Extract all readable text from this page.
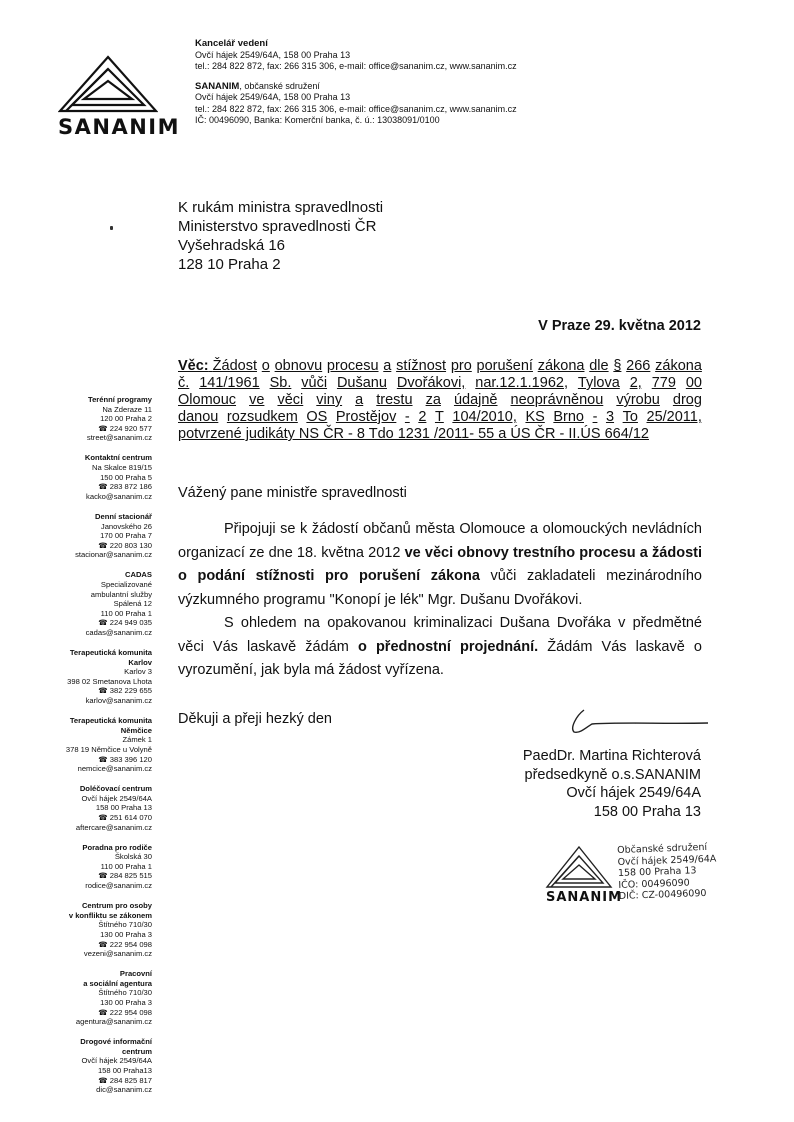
SANANIM
Kancelář vedení
Ovčí hájek 2549/64A, 158 00 Praha 13
tel.: 284 822 872, fax: 266 315 306, e-mail: office@sananim.cz, www.sananim.cz
SANANIM, občanské sdružení
Ovčí hájek 2549/64A, 158 00 Praha 13
tel.: 284 822 872, fax: 266 315 306, e-mail: office@sananim.cz, www.sananim.cz
IČ: 00496090, Banka: Komerční banka, č. ú.: 13038091/0100
K rukám ministra spravedlnosti
Ministerstvo spravedlnosti ČR
Vyšehradská 16
128 10 Praha 2
V Praze 29. května 2012
Věc: Žádost o obnovu procesu a stížnost pro porušení zákona dle § 266 zákona
č. 141/1961 Sb. vůči Dušanu Dvořákovi, nar.12.1.1962, Tylova 2, 779 00
Olomouc ve věci viny a trestu za údajně neoprávněnou výrobu drog
danou rozsudkem OS Prostějov - 2 T 104/2010, KS Brno - 3 To 25/2011,
potvrzené judikáty NS ČR - 8 Tdo 1231 /2011- 55 a ÚS ČR - II.ÚS 664/12
Vážený pane ministře spravedlnosti

Připojuji se k žádostí občanů města Olomouce a olomouckých nevládních organizací ze dne 18. května 2012 ve věci obnovy trestního procesu a žádosti o podání stížnosti pro porušení zákona vůči zakladateli mezinárodního výzkumného programu "Konopí je lék" Mgr. Dušanu Dvořákovi.

S ohledem na opakovanou kriminalizaci Dušana Dvořáka v předmětné věci Vás laskavě žádám o přednostní projednání. Žádám Vás laskavě o vyrozumění, jak byla má žádost vyřízena.

Děkuji a přeji hezký den
PaedDr. Martina Richterová
předsedkyně o.s.SANANIM
Ovčí hájek 2549/64A
158 00 Praha 13
SANANIM
Občanské sdružení
Ovčí hájek 2549/64A
158 00 Praha 13
IČO: 00496090
DIČ: CZ-00496090
Terénní programy
Na Zderaze 11
120 00 Praha 2
☎ 224 920 577
street@sananim.cz
Kontaktní centrum
Na Skalce 819/15
150 00 Praha 5
☎ 283 872 186
kacko@sananim.cz
Denní stacionář
Janovského 26
170 00 Praha 7
☎ 220 803 130
stacionar@sananim.cz
CADAS
Specializované
ambulantní služby
Spálená 12
110 00 Praha 1
☎ 224 949 035
cadas@sananim.cz
Terapeutická komunita
Karlov
Karlov 3
398 02 Smetanova Lhota
☎ 382 229 655
karlov@sananim.cz
Terapeutická komunita
Němčice
Zámek 1
378 19 Němčice u Volyně
☎ 383 396 120
nemcice@sananim.cz
Doléčovací centrum
Ovčí hájek 2549/64A
158 00 Praha 13
☎ 251 614 070
aftercare@sananim.cz
Poradna pro rodiče
Školská 30
110 00 Praha 1
☎ 284 825 515
rodice@sananim.cz
Centrum pro osoby
v konfliktu se zákonem
Štítného 710/30
130 00 Praha 3
☎ 222 954 098
vezeni@sananim.cz
Pracovní
a sociální agentura
Štítného 710/30
130 00 Praha 3
☎ 222 954 098
agentura@sananim.cz
Drogové informační
centrum
Ovčí hájek 2549/64A
158 00 Praha13
☎ 284 825 817
dic@sananim.cz
